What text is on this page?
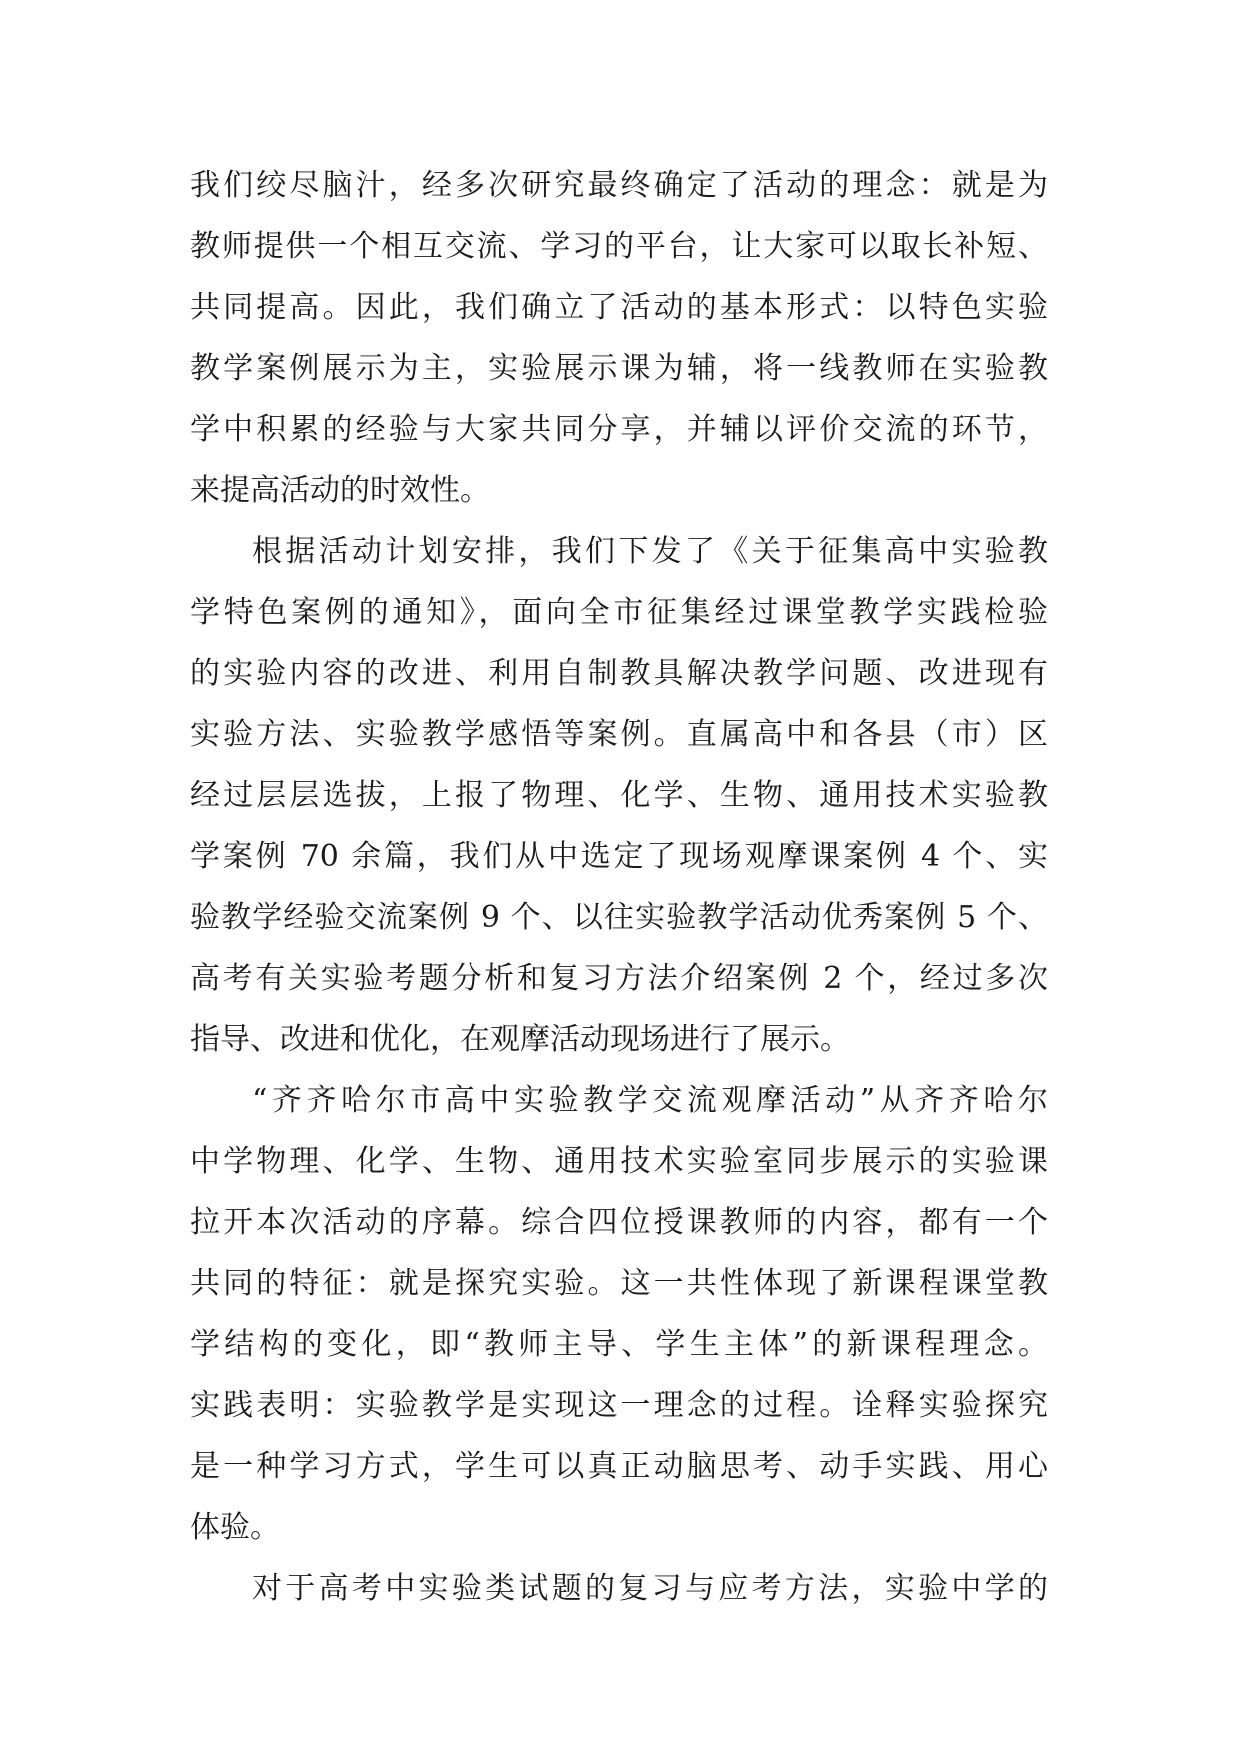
我们绞尽脑汁，经多次研究最终确定了活动的理念：就是为
教师提供一个相互交流、学习的平台，让大家可以取长补短、
共同提高。因此，我们确立了活动的基本形式：以特色实验
教学案例展示为主，实验展示课为辅，将一线教师在实验教
学中积累的经验与大家共同分享，并辅以评价交流的环节，
来提高活动的时效性。
根据活动计划安排，我们下发了《关于征集高中实验教
学特色案例的通知》，面向全市征集经过课堂教学实践检验
的实验内容的改进、利用自制教具解决教学问题、改进现有
实验方法、实验教学感悟等案例。直属高中和各县（市）区
经过层层选拔，上报了物理、化学、生物、通用技术实验教
学案例 70 余篇，我们从中选定了现场观摩课案例 4 个、实
验教学经验交流案例 9 个、以往实验教学活动优秀案例 5 个、
高考有关实验考题分析和复习方法介绍案例 2 个，经过多次
指导、改进和优化，在观摩活动现场进行了展示。
“齐齐哈尔市高中实验教学交流观摩活动”从齐齐哈尔
中学物理、化学、生物、通用技术实验室同步展示的实验课
拉开本次活动的序幕。综合四位授课教师的内容，都有一个
共同的特征：就是探究实验。这一共性体现了新课程课堂教
学结构的变化，即“教师主导、学生主体”的新课程理念。
实践表明：实验教学是实现这一理念的过程。诠释实验探究
是一种学习方式，学生可以真正动脑思考、动手实践、用心
体验。
对于高考中实验类试题的复习与应考方法，实验中学的
